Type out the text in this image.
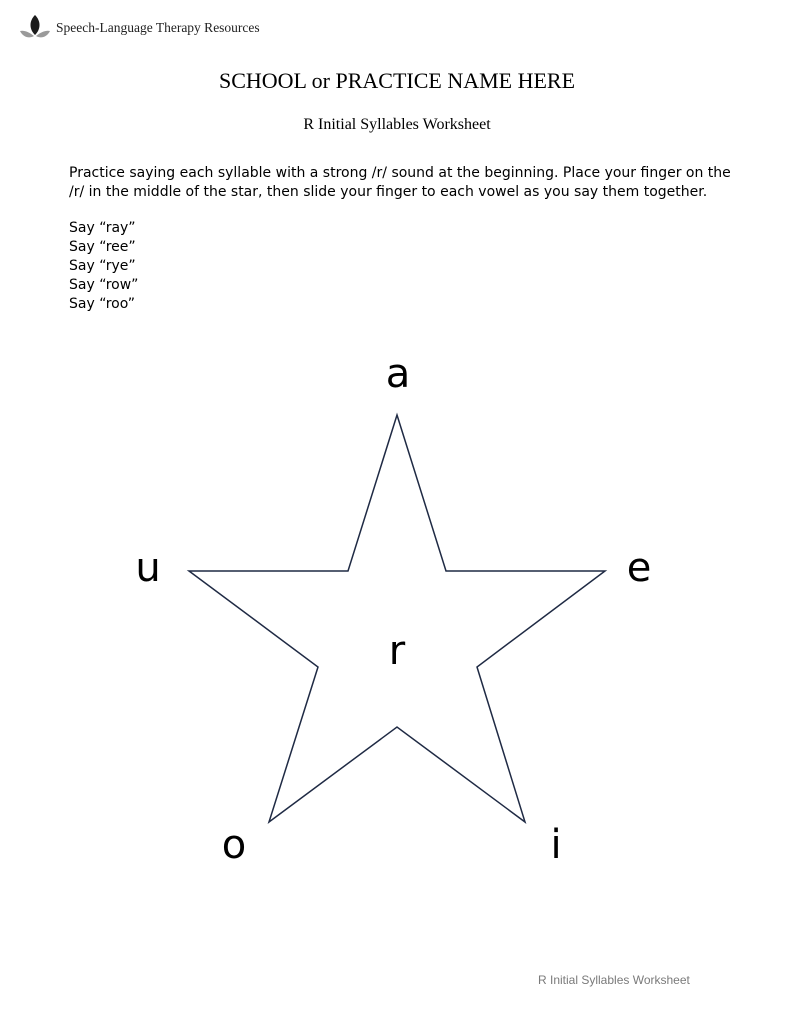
Speech-Language Therapy Resources
SCHOOL or PRACTICE NAME HERE
R Initial Syllables Worksheet

Practice saying each syllable with a strong /r/ sound at the beginning. Place your finger on the
/r/ in the middle of the star, then slide your finger to each vowel as you say them together.

Say “ray”
Say “ree”
Say “rye”
Say “row”
Say “roo”
r
a
e
i
o
u
R Initial Syllables Worksheet
